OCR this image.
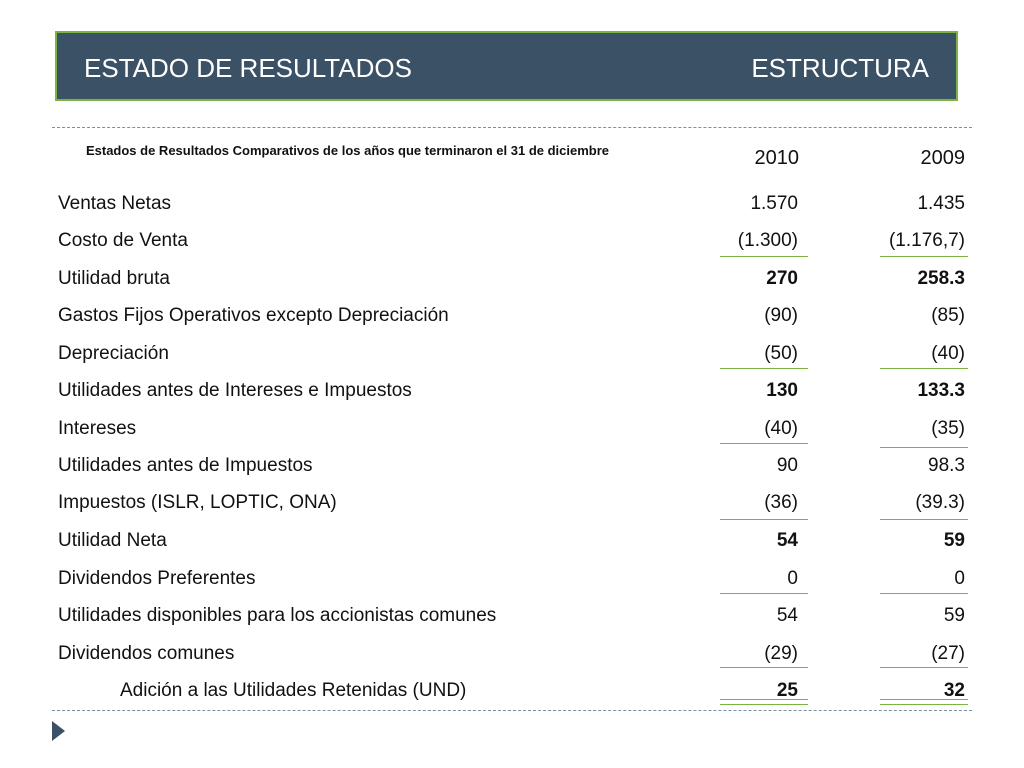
ESTADO DE RESULTADOS	ESTRUCTURA
Estados de Resultados Comparativos de los años que terminaron el 31 de diciembre	2010	2009
Ventas Netas	1.570	1.435
Costo de Venta	(1.300)	(1.176,7)
Utilidad bruta	270	258.3
Gastos Fijos Operativos excepto Depreciación	(90)	(85)
Depreciación	(50)	(40)
Utilidades antes de Intereses e Impuestos	130	133.3
Intereses	(40)	(35)
Utilidades antes de Impuestos	90	98.3
Impuestos (ISLR, LOPTIC, ONA)	(36)	(39.3)
Utilidad Neta	54	59
Dividendos Preferentes	0	0
Utilidades disponibles para los accionistas comunes	54	59
Dividendos comunes	(29)	(27)
Adición a las Utilidades Retenidas (UND)	25	32
